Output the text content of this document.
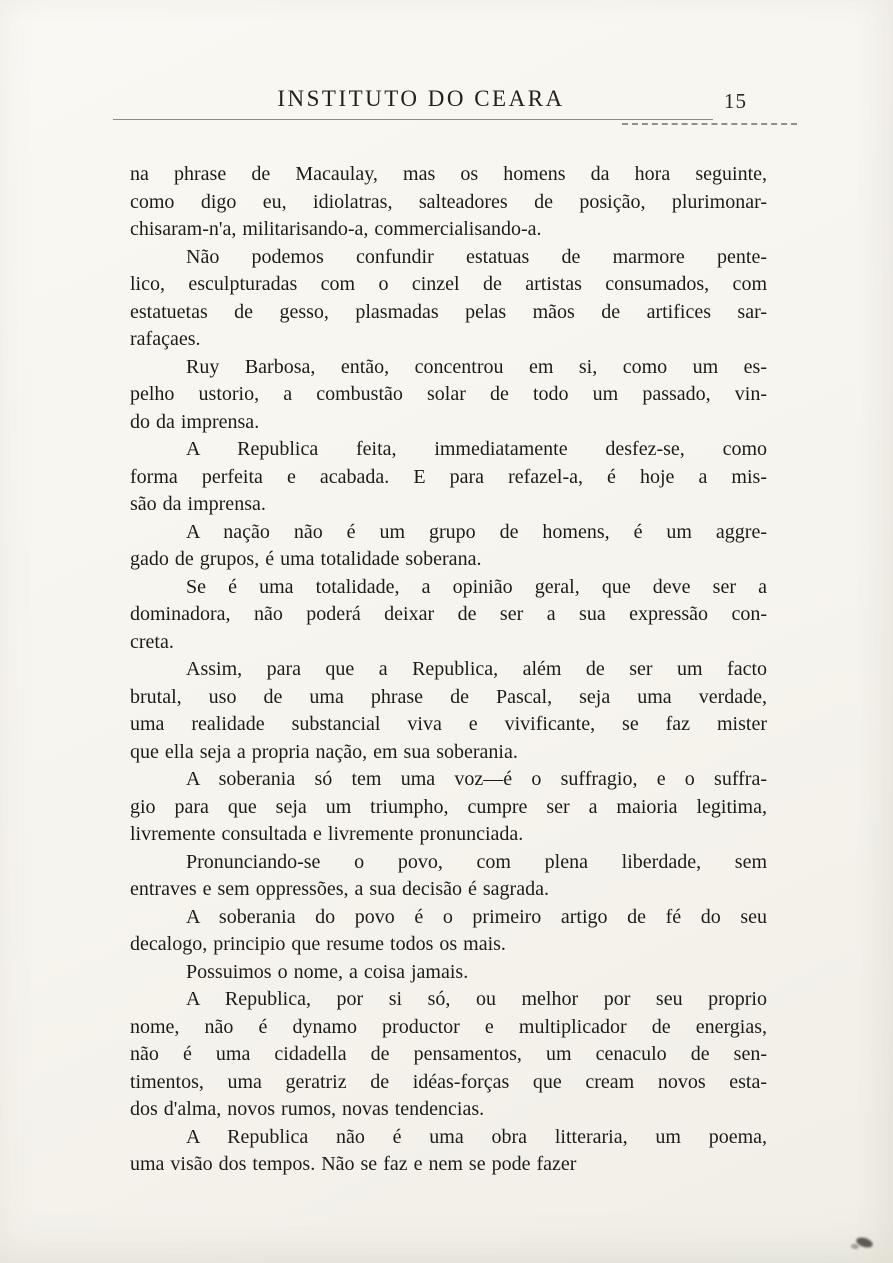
INSTITUTO DO CEARA	15
na phrase de Macaulay, mas os homens da hora seguinte,
como digo eu, idiolatras, salteadores de posição, plurimonar-
chisaram-n'a, militarisando-a, commercialisando-a.
Não podemos confundir estatuas de marmore pente-
lico, esculpturadas com o cinzel de artistas consumados, com
estatuetas de gesso, plasmadas pelas mãos de artifices sar-
rafaçaes.
Ruy Barbosa, então, concentrou em si, como um es-
pelho ustorio, a combustão solar de todo um passado, vin-
do da imprensa.
A Republica feita, immediatamente desfez-se, como
forma perfeita e acabada. E para refazel-a, é hoje a mis-
são da imprensa.
A nação não é um grupo de homens, é um aggre-
gado de grupos, é uma totalidade soberana.
Se é uma totalidade, a opinião geral, que deve ser a
dominadora, não poderá deixar de ser a sua expressão con-
creta.
Assim, para que a Republica, além de ser um facto
brutal, uso de uma phrase de Pascal, seja uma verdade,
uma realidade substancial viva e vivificante, se faz mister
que ella seja a propria nação, em sua soberania.
A soberania só tem uma voz—é o suffragio, e o suffra-
gio para que seja um triumpho, cumpre ser a maioria legitima,
livremente consultada e livremente pronunciada.
Pronunciando-se o povo, com plena liberdade, sem
entraves e sem oppressões, a sua decisão é sagrada.
A soberania do povo é o primeiro artigo de fé do seu
decalogo, principio que resume todos os mais.
Possuimos o nome, a coisa jamais.
A Republica, por si só, ou melhor por seu proprio
nome, não é dynamo productor e multiplicador de energias,
não é uma cidadella de pensamentos, um cenaculo de sen-
timentos, uma geratriz de idéas-forças que cream novos esta-
dos d'alma, novos rumos, novas tendencias.
A Republica não é uma obra litteraria, um poema,
uma visão dos tempos. Não se faz e nem se pode fazer
